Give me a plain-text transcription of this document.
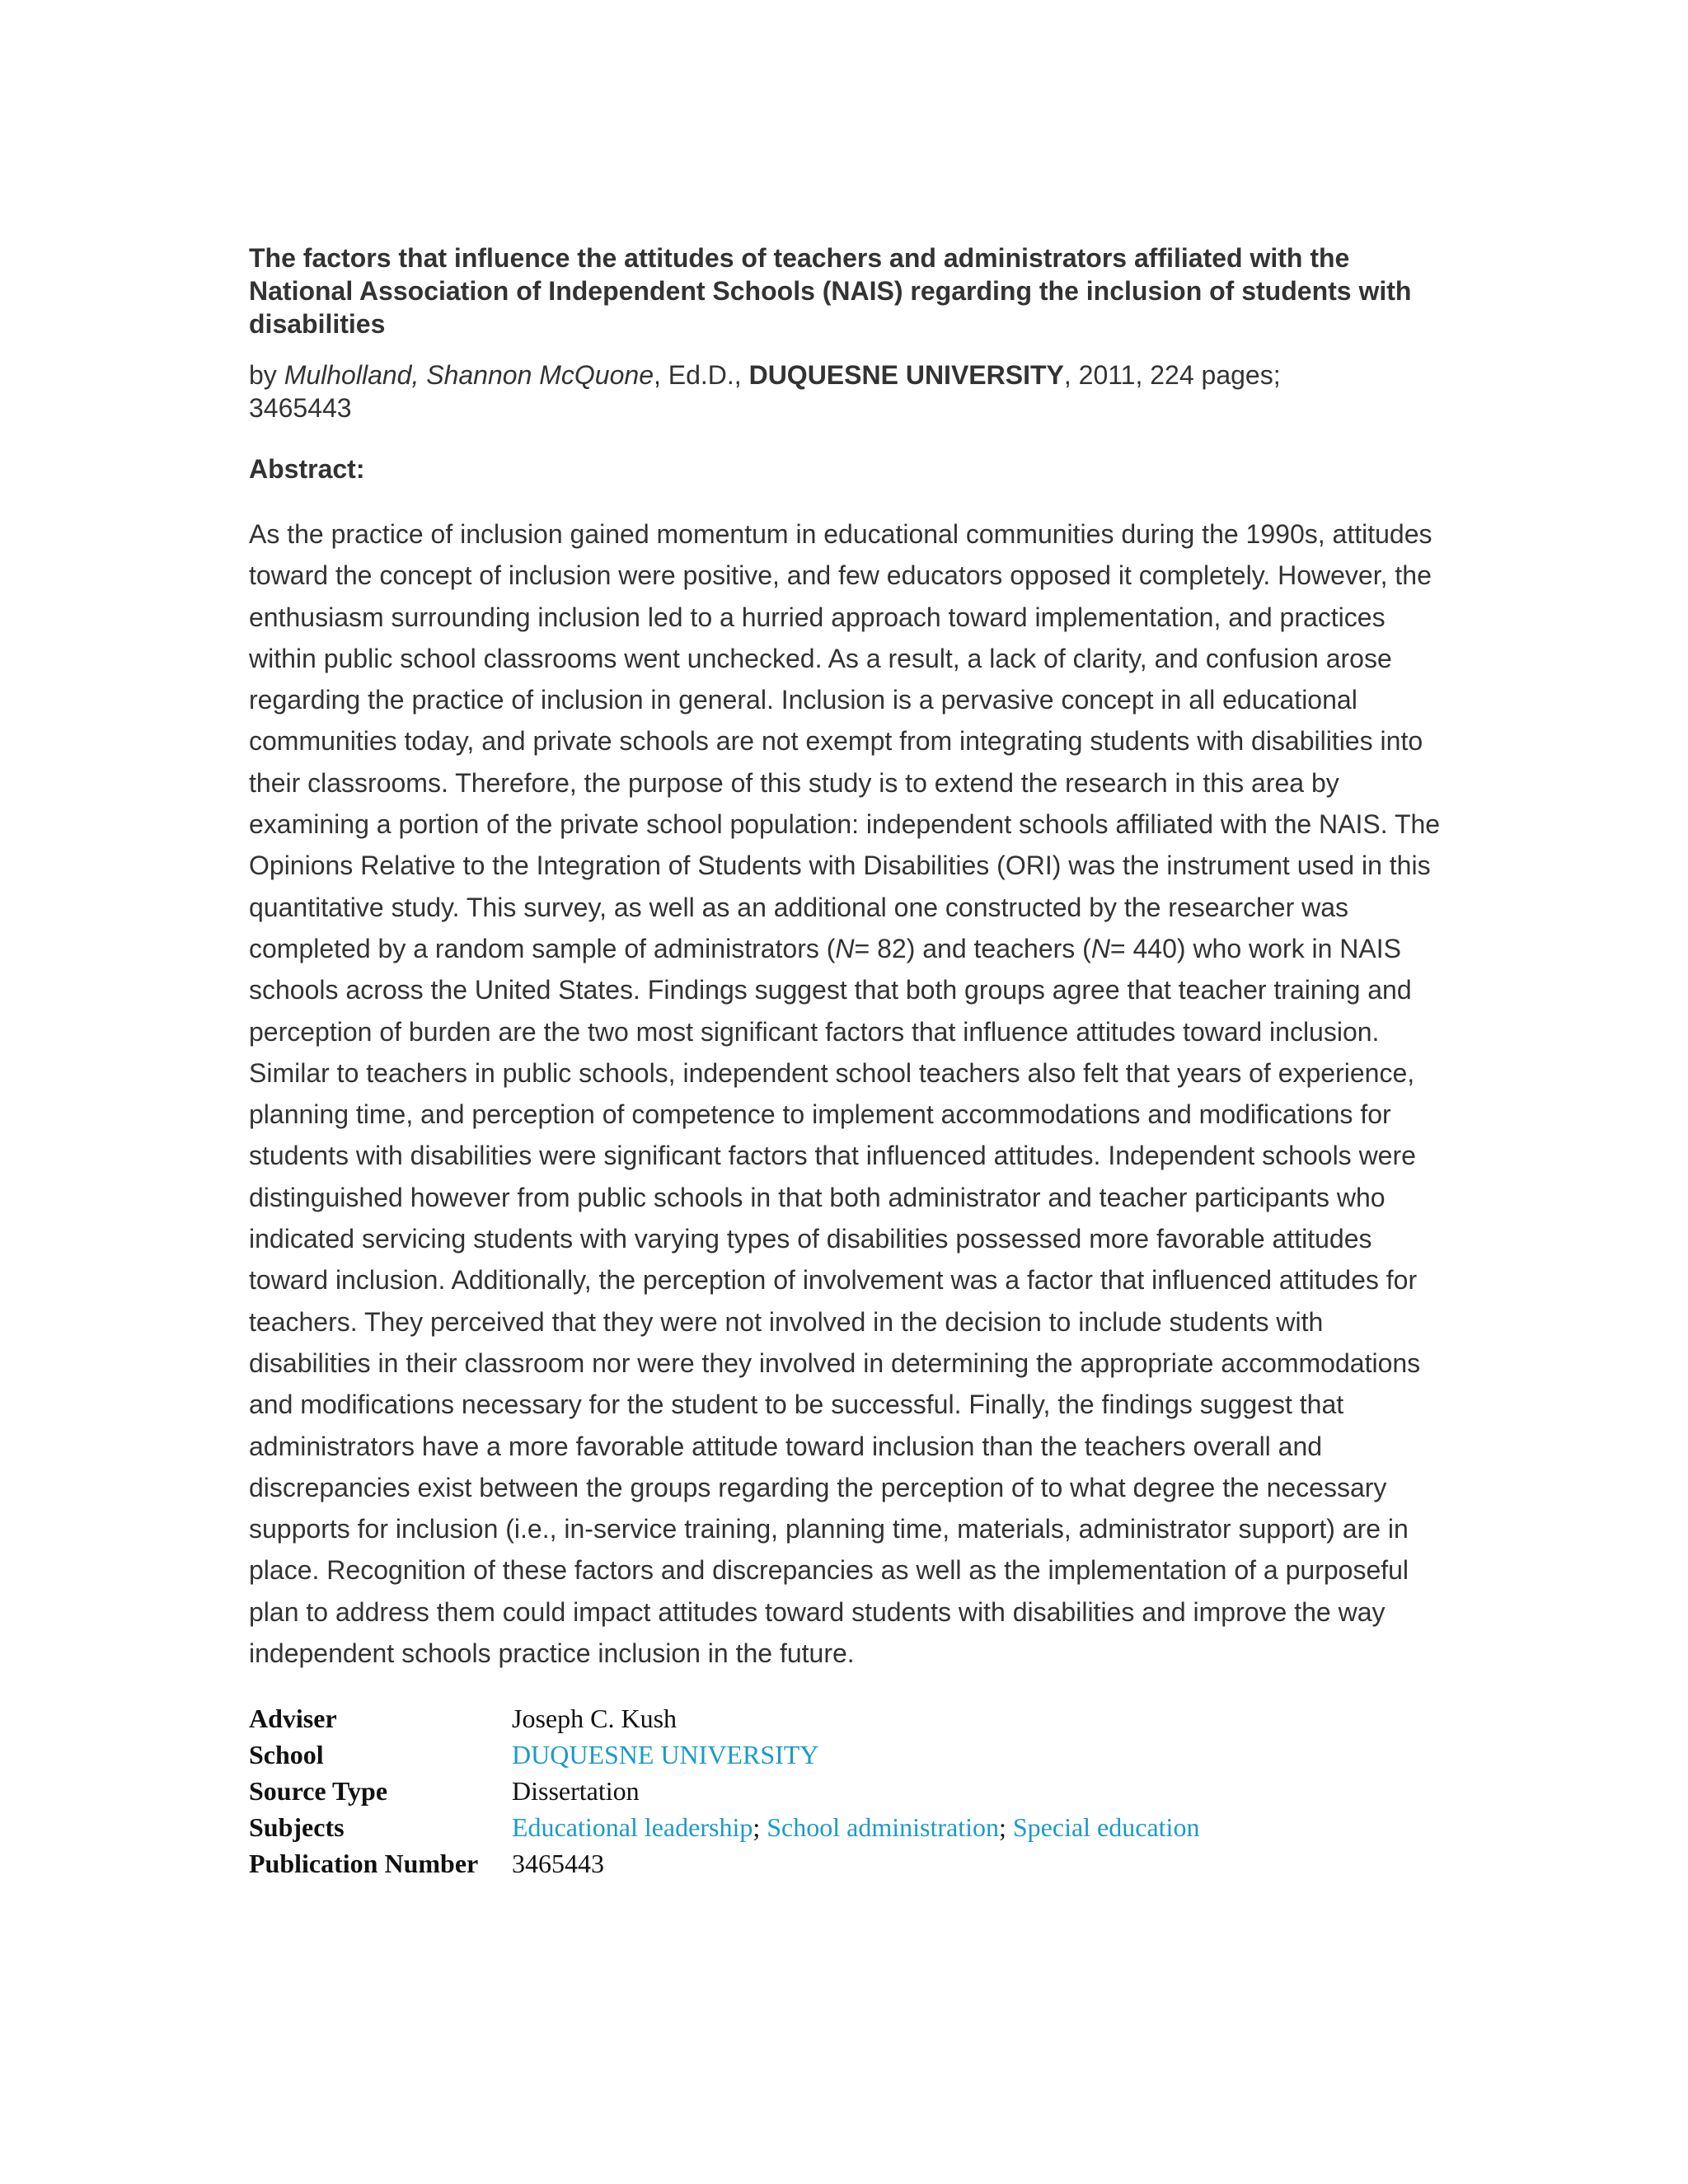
The factors that influence the attitudes of teachers and administrators affiliated with the National Association of Independent Schools (NAIS) regarding the inclusion of students with disabilities
by Mulholland, Shannon McQuone, Ed.D., DUQUESNE UNIVERSITY, 2011, 224 pages;
3465443
Abstract:

As the practice of inclusion gained momentum in educational communities during the 1990s, attitudes toward the concept of inclusion were positive, and few educators opposed it completely. However, the enthusiasm surrounding inclusion led to a hurried approach toward implementation, and practices within public school classrooms went unchecked. As a result, a lack of clarity, and confusion arose regarding the practice of inclusion in general. Inclusion is a pervasive concept in all educational communities today, and private schools are not exempt from integrating students with disabilities into their classrooms. Therefore, the purpose of this study is to extend the research in this area by examining a portion of the private school population: independent schools affiliated with the NAIS. The Opinions Relative to the Integration of Students with Disabilities (ORI) was the instrument used in this quantitative study. This survey, as well as an additional one constructed by the researcher was completed by a random sample of administrators (N= 82) and teachers (N= 440) who work in NAIS schools across the United States. Findings suggest that both groups agree that teacher training and perception of burden are the two most significant factors that influence attitudes toward inclusion. Similar to teachers in public schools, independent school teachers also felt that years of experience, planning time, and perception of competence to implement accommodations and modifications for students with disabilities were significant factors that influenced attitudes. Independent schools were distinguished however from public schools in that both administrator and teacher participants who indicated servicing students with varying types of disabilities possessed more favorable attitudes toward inclusion. Additionally, the perception of involvement was a factor that influenced attitudes for teachers. They perceived that they were not involved in the decision to include students with disabilities in their classroom nor were they involved in determining the appropriate accommodations and modifications necessary for the student to be successful. Finally, the findings suggest that administrators have a more favorable attitude toward inclusion than the teachers overall and discrepancies exist between the groups regarding the perception of to what degree the necessary supports for inclusion (i.e., in-service training, planning time, materials, administrator support) are in place. Recognition of these factors and discrepancies as well as the implementation of a purposeful plan to address them could impact attitudes toward students with disabilities and improve the way independent schools practice inclusion in the future.

Adviser	Joseph C. Kush
School	DUQUESNE UNIVERSITY
Source Type	Dissertation
Subjects	Educational leadership; School administration; Special education
Publication Number	3465443
